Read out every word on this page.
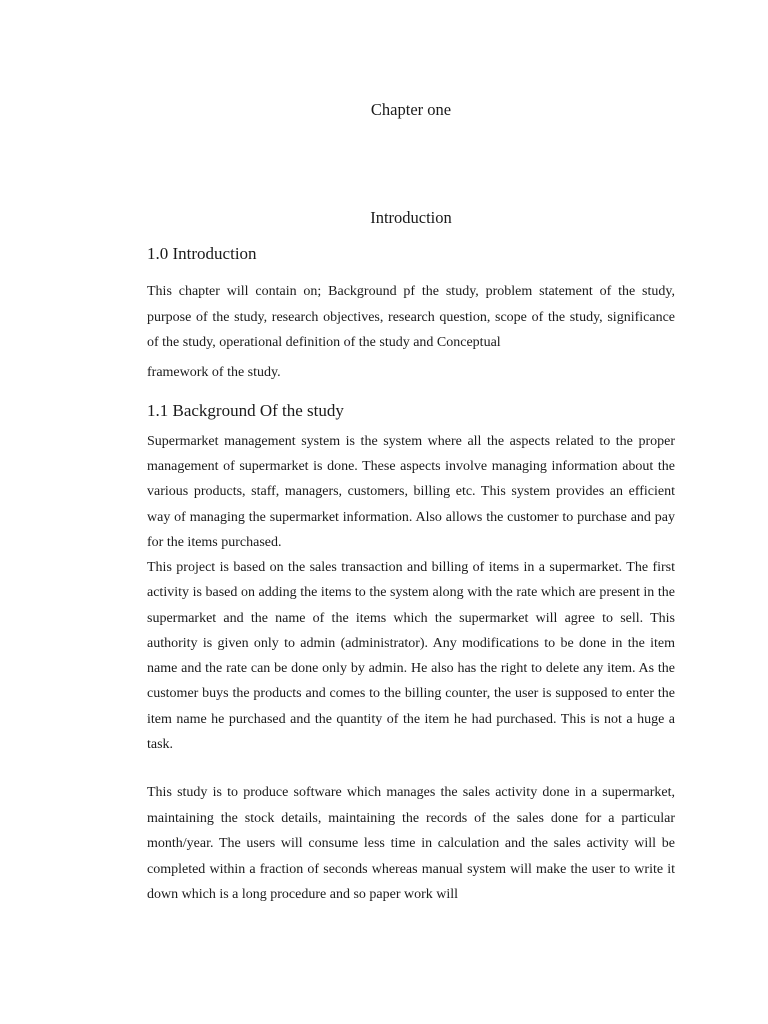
Chapter one
Introduction
1.0 Introduction

This chapter will contain on; Background pf the study, problem statement of the study, purpose of the study, research objectives, research question, scope of the study, significance of the study, operational definition of the study and Conceptual
framework of the study.

1.1 Background Of the study

Supermarket management system is the system where all the aspects related to the proper management of supermarket is done. These aspects involve managing information about the various products, staff, managers, customers, billing etc. This system provides an efficient way of managing the supermarket information. Also allows the customer to purchase and pay for the items purchased.

This project is based on the sales transaction and billing of items in a supermarket. The first activity is based on adding the items to the system along with the rate which are present in the supermarket and the name of the items which the supermarket will agree to sell. This authority is given only to admin (administrator). Any modifications to be done in the item name and the rate can be done only by admin. He also has the right to delete any item. As the customer buys the products and comes to the billing counter, the user is supposed to enter the item name he purchased and the quantity of the item he had purchased. This is not a huge a task.

This study is to produce software which manages the sales activity done in a supermarket, maintaining the stock details, maintaining the records of the sales done for a particular month/year. The users will consume less time in calculation and the sales activity will be completed within a fraction of seconds whereas manual system will make the user to write it down which is a long procedure and so paper work will
